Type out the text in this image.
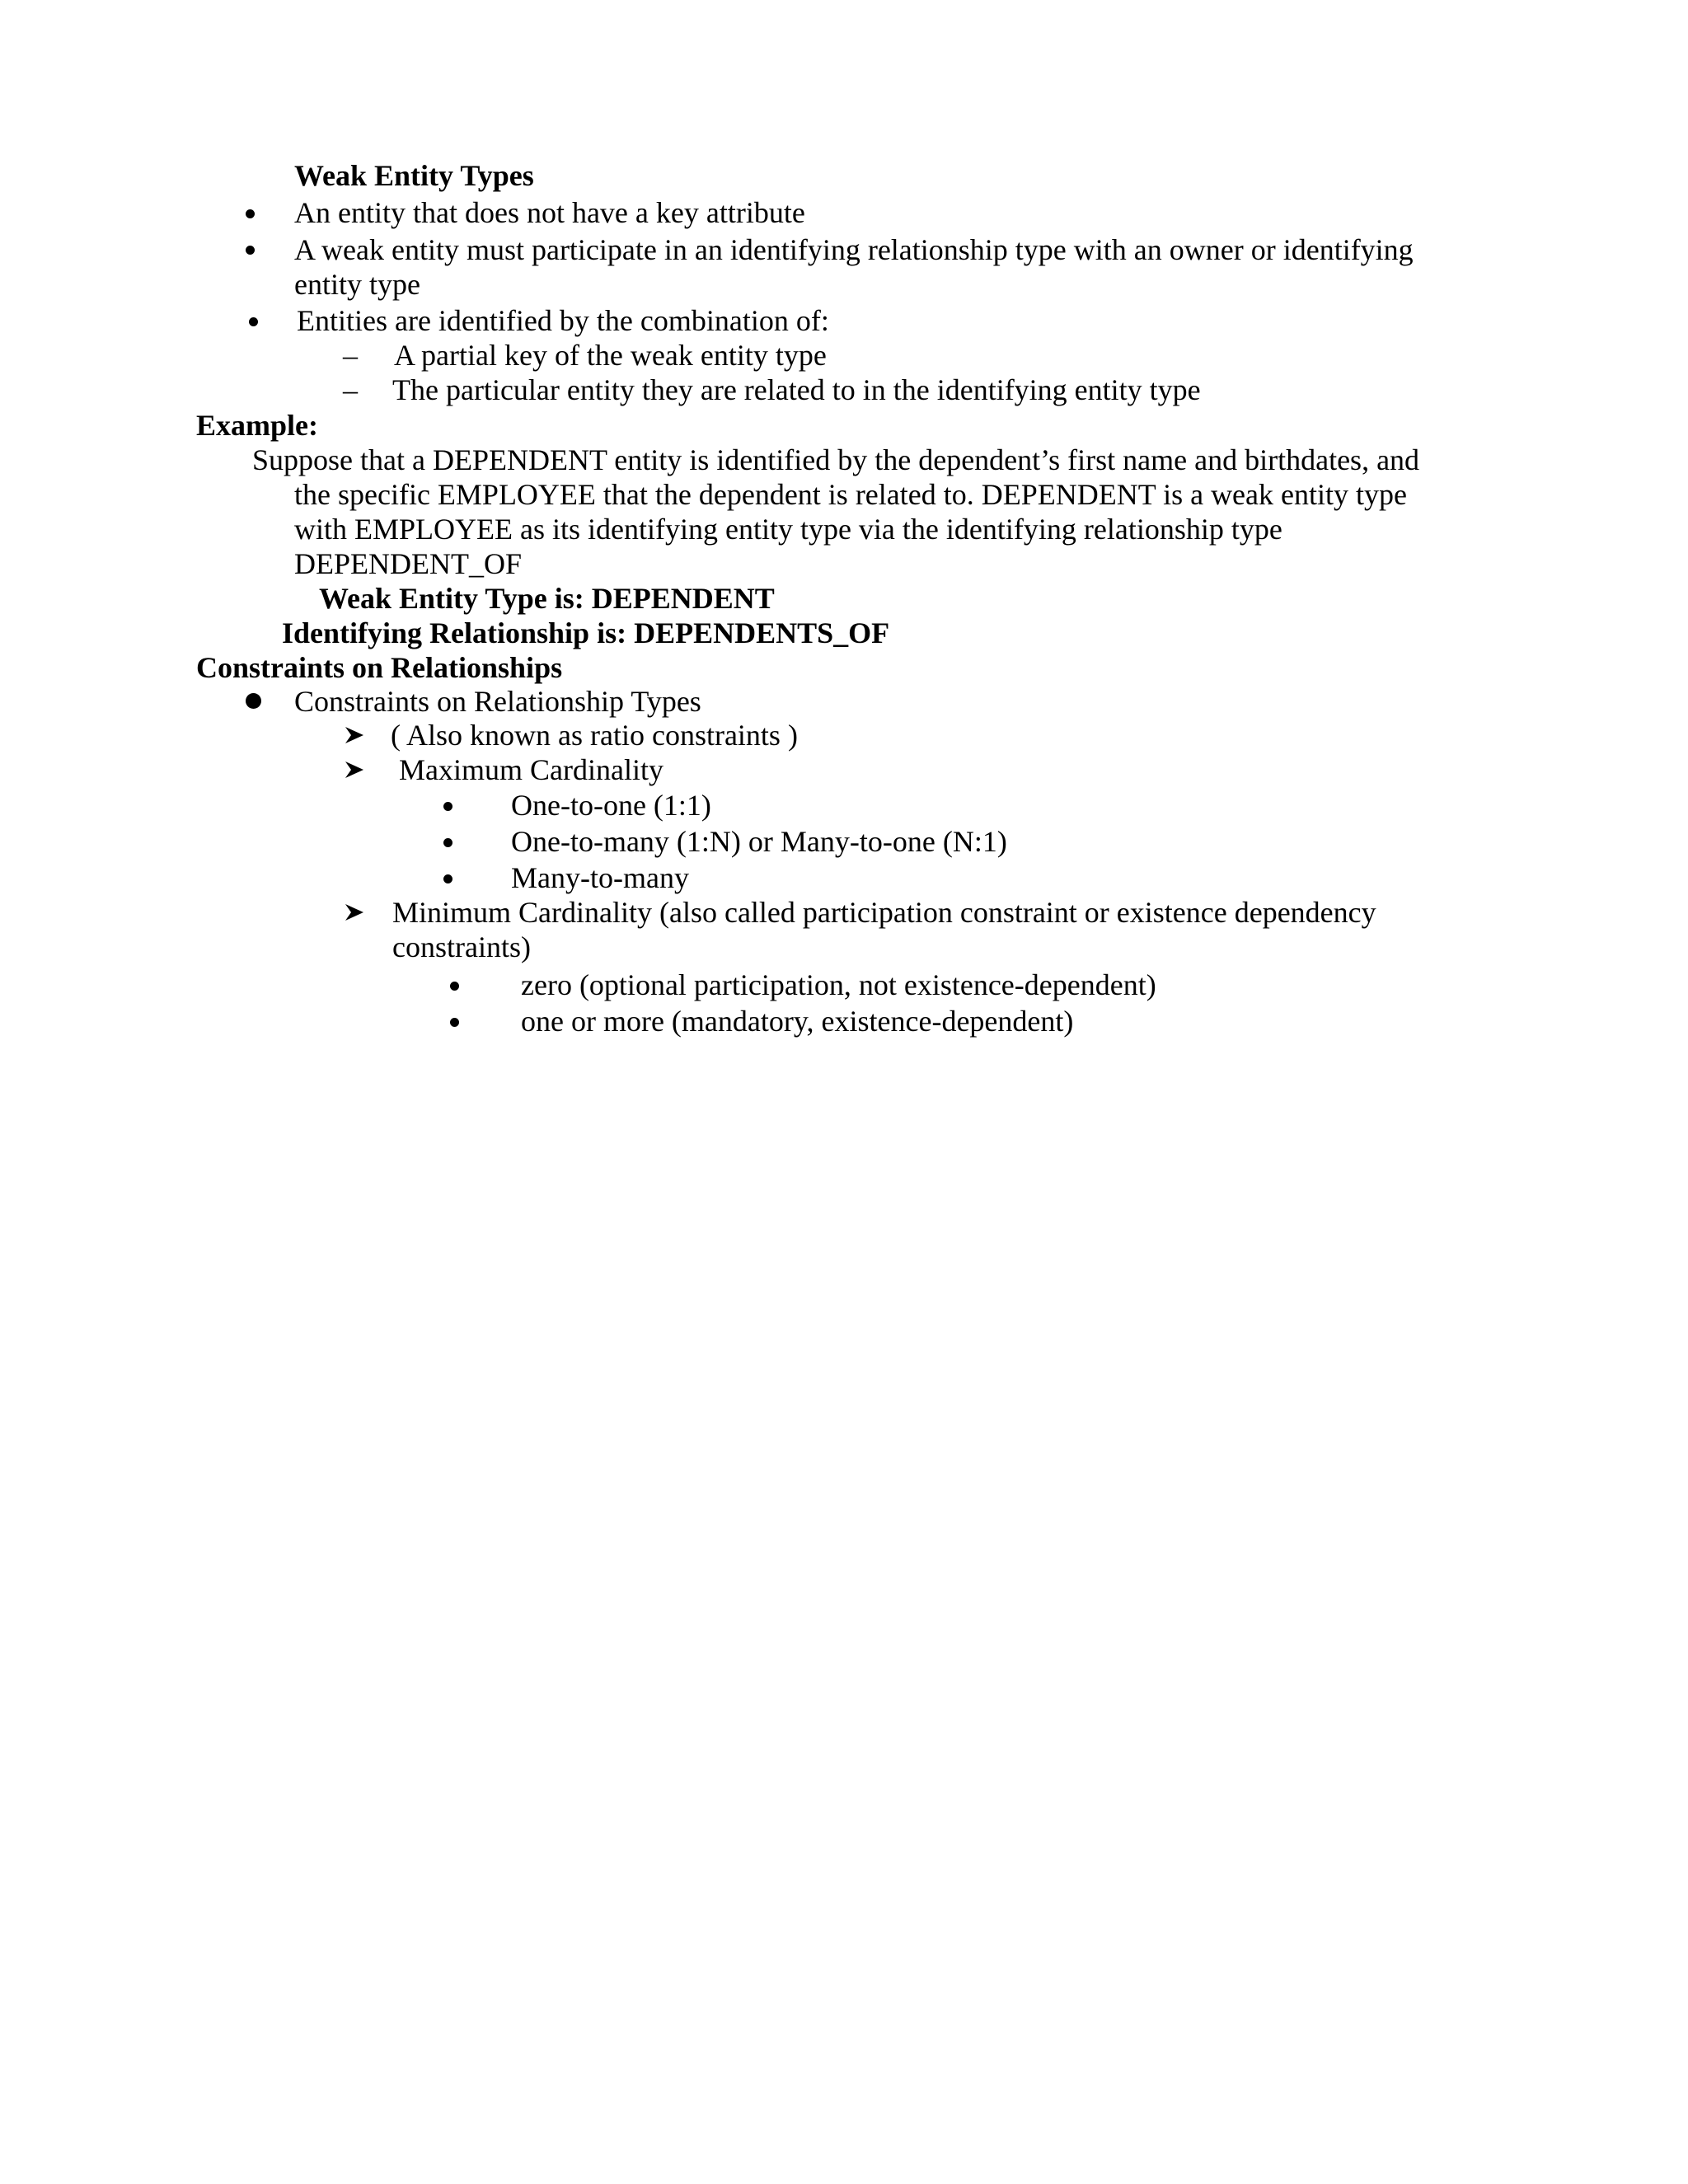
Weak Entity Types
An entity that does not have a key attribute
A weak entity must participate in an identifying relationship type with an owner or identifying
entity type
Entities are identified by the combination of:
– A partial key of the weak entity type
– The particular entity they are related to in the identifying entity type
Example:
Suppose that a DEPENDENT entity is identified by the dependent’s first name and birthdates, and
the specific EMPLOYEE that the dependent is related to. DEPENDENT is a weak entity type
with EMPLOYEE as its identifying entity type via the identifying relationship type
DEPENDENT_OF
Weak Entity Type is: DEPENDENT
Identifying Relationship is: DEPENDENTS_OF
Constraints on Relationships
Constraints on Relationship Types
( Also known as ratio constraints )
Maximum Cardinality
One-to-one (1:1)
One-to-many (1:N) or Many-to-one (N:1)
Many-to-many
Minimum Cardinality (also called participation constraint or existence dependency
constraints)
zero (optional participation, not existence-dependent)
one or more (mandatory, existence-dependent)
